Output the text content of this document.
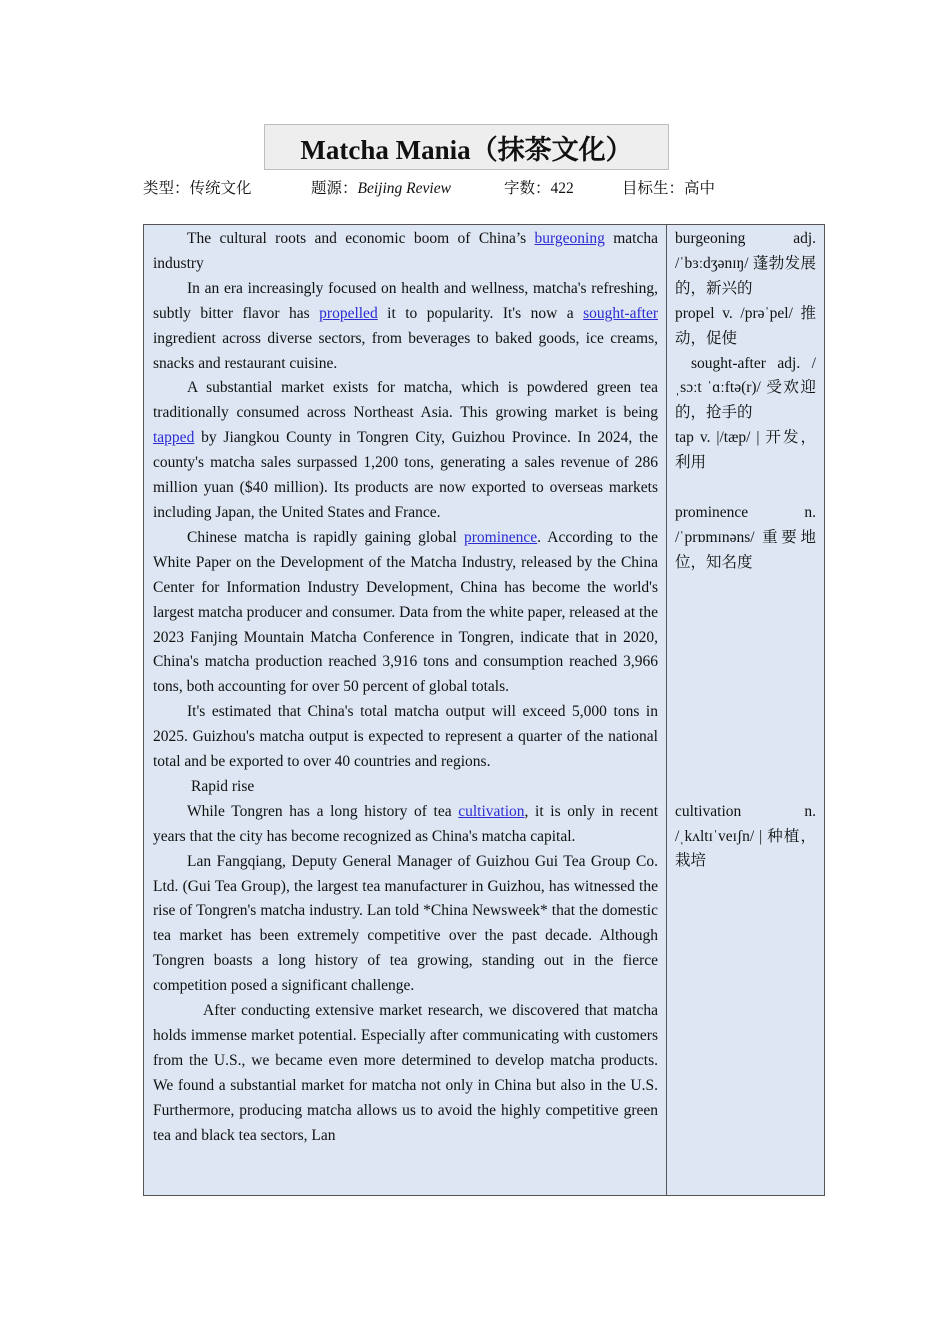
Matcha Mania（抹茶文化）
类型：传统文化	题源：Beijing Review	字数：422	目标生：高中

The cultural roots and economic boom of China’s burgeoning matcha industry

In an era increasingly focused on health and wellness, matcha's refreshing, subtly bitter flavor has propelled it to popularity. It's now a sought-after ingredient across diverse sectors, from beverages to baked goods, ice creams, snacks and restaurant cuisine.

A substantial market exists for matcha, which is powdered green tea traditionally consumed across Northeast Asia. This growing market is being tapped by Jiangkou County in Tongren City, Guizhou Province. In 2024, the county's matcha sales surpassed 1,200 tons, generating a sales revenue of 286 million yuan ($40 million). Its products are now exported to overseas markets including Japan, the United States and France.

Chinese matcha is rapidly gaining global prominence. According to the White Paper on the Development of the Matcha Industry, released by the China Center for Information Industry Development, China has become the world's largest matcha producer and consumer. Data from the white paper, released at the 2023 Fanjing Mountain Matcha Conference in Tongren, indicate that in 2020, China's matcha production reached 3,916 tons and consumption reached 3,966 tons, both accounting for over 50 percent of global totals.

It's estimated that China's total matcha output will exceed 5,000 tons in 2025. Guizhou's matcha output is expected to represent a quarter of the national total and be exported to over 40 countries and regions.

Rapid rise

While Tongren has a long history of tea cultivation, it is only in recent years that the city has become recognized as China's matcha capital.

Lan Fangqiang, Deputy General Manager of Guizhou Gui Tea Group Co. Ltd. (Gui Tea Group), the largest tea manufacturer in Guizhou, has witnessed the rise of Tongren's matcha industry. Lan told *China Newsweek* that the domestic tea market has been extremely competitive over the past decade. Although Tongren boasts a long history of tea growing, standing out in the fierce competition posed a significant challenge.

After conducting extensive market research, we discovered that matcha holds immense market potential. Especially after communicating with customers from the U.S., we became even more determined to develop matcha products. We found a substantial market for matcha not only in China but also in the U.S. Furthermore, producing matcha allows us to avoid the highly competitive green tea and black tea sectors, Lan

burgeoning	adj.
/ˈbɜːdʒənɪŋ/ 蓬勃发展的，新兴的
propel v. /prəˈpel/ 推动，促使
sought-after adj. /ˌsɔːt ˈɑːftə(r)/ 受欢迎的，抢手的
tap v. |/tæp/ | 开发，利用
prominence	n.
/ˈprɒmɪnəns/ 重要地位，知名度
cultivation	n.
/ˌkʌltɪˈveɪʃn/ | 种植，栽培
